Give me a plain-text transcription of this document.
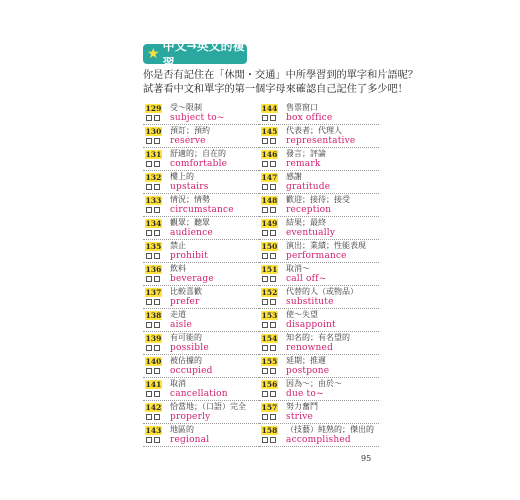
★ 中文→英文的複習
你是否有記住在「休閒・交通」中所學習到的單字和片語呢？
試著看中文和單字的第一個字母來確認自己記住了多少吧！
129 受～限制
subject to~
130 預訂；預約
reserve
131 舒適的；自在的
comfortable
132 樓上的
upstairs
133 情況；情勢
circumstance
134 觀眾；聽眾
audience
135 禁止
prohibit
136 飲料
beverage
137 比較喜歡
prefer
138 走道
aisle
139 有可能的
possible
140 被佔據的
occupied
141 取消
cancellation
142 恰當地；（口語）完全
properly
143 地區的
regional
144 售票窗口
box office
145 代表者；代理人
representative
146 發言；評論
remark
147 感謝
gratitude
148 歡迎；接待；接受
reception
149 結果；最終
eventually
150 演出；業績；性能表現
performance
151 取消～
call off~
152 代替的人（或物品）
substitute
153 使～失望
disappoint
154 知名的；有名望的
renowned
155 延期；推遲
postpone
156 因為～；由於～
due to~
157 努力奮鬥
strive
158 （技藝）純熟的；傑出的
accomplished
95
